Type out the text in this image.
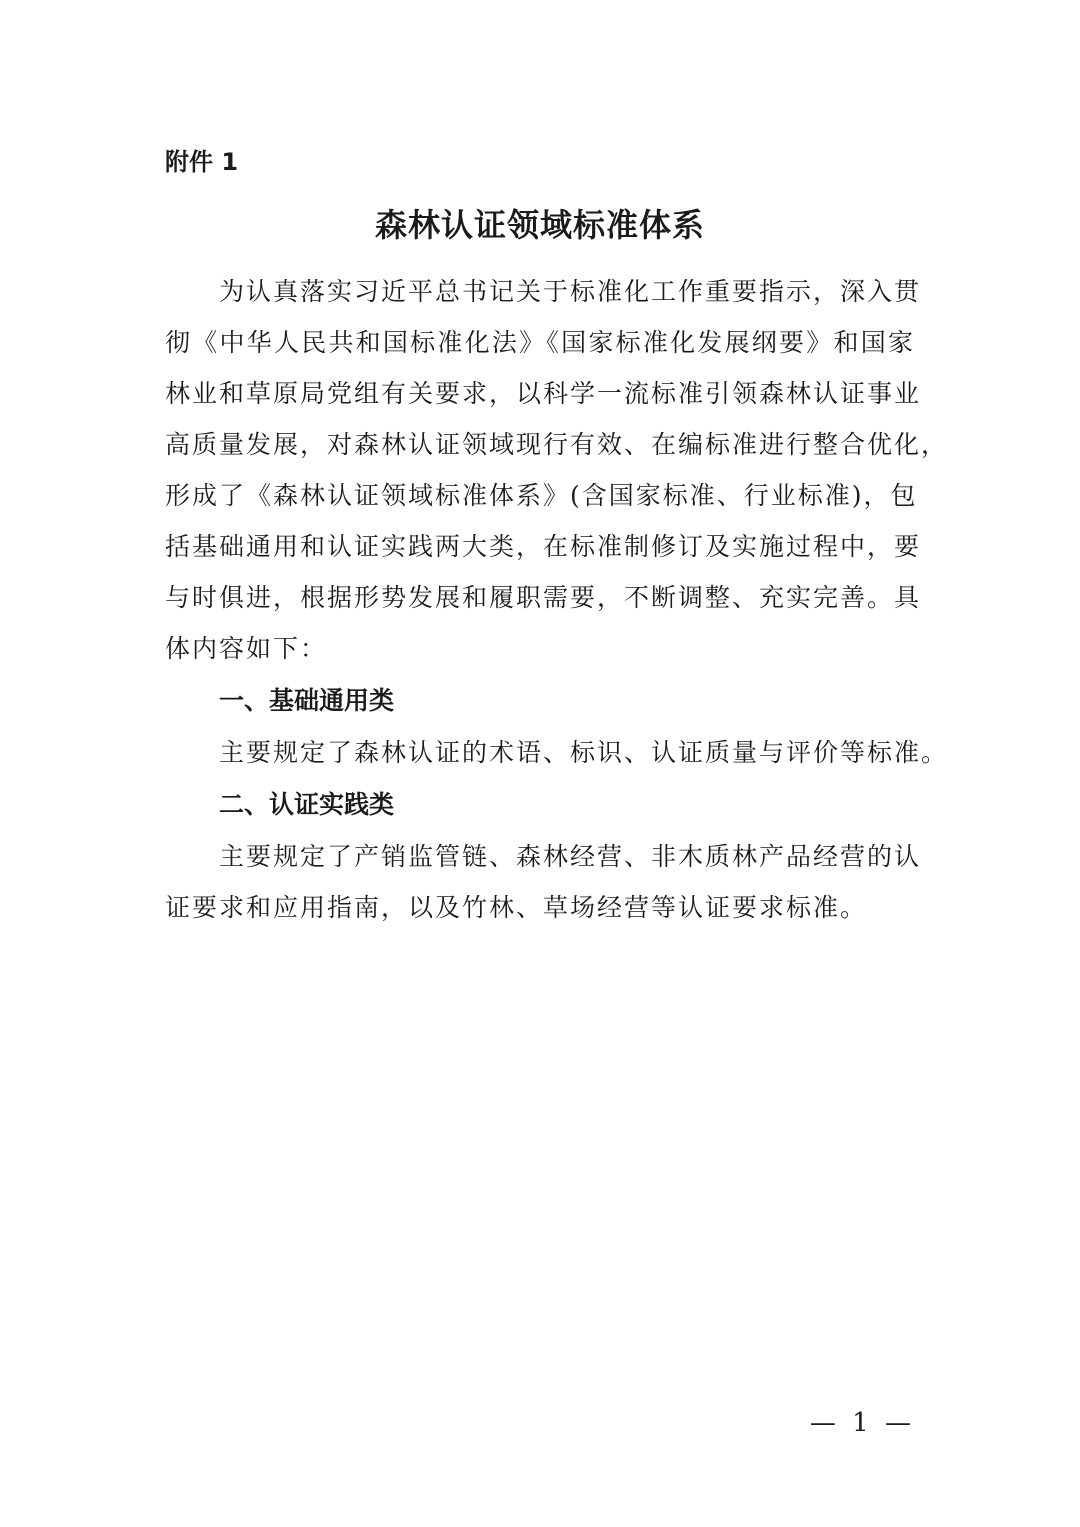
附件 1
森林认证领域标准体系

为认真落实习近平总书记关于标准化工作重要指示，深入贯
彻《中华人民共和国标准化法》《国家标准化发展纲要》和国家
林业和草原局党组有关要求，以科学一流标准引领森林认证事业
高质量发展，对森林认证领域现行有效、在编标准进行整合优化，
形成了《森林认证领域标准体系》(含国家标准、行业标准)，包
括基础通用和认证实践两大类，在标准制修订及实施过程中，要
与时俱进，根据形势发展和履职需要，不断调整、充实完善。具
体内容如下：

一、基础通用类

主要规定了森林认证的术语、标识、认证质量与评价等标准。

二、认证实践类

主要规定了产销监管链、森林经营、非木质林产品经营的认
证要求和应用指南，以及竹林、草场经营等认证要求标准。

— 1 —
